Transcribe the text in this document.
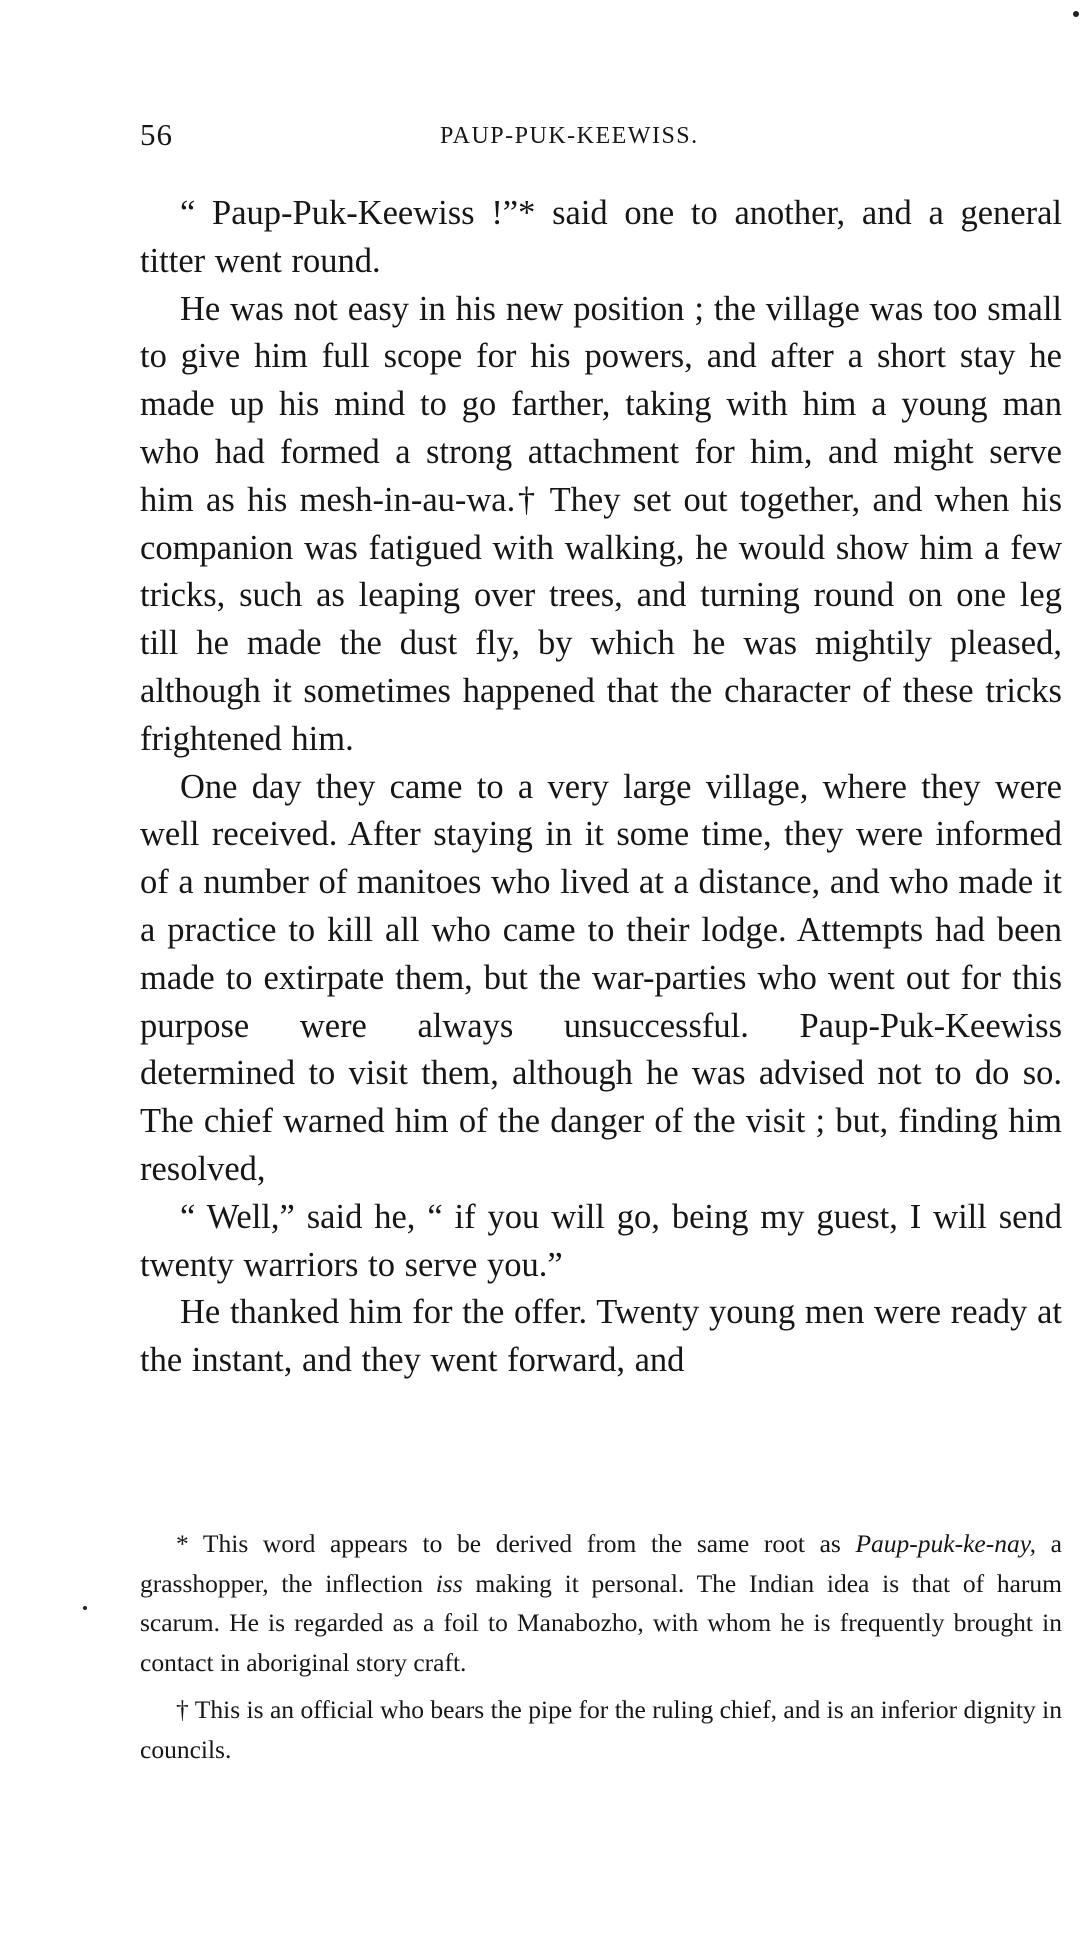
56	PAUP-PUK-KEEWISS.

“ Paup-Puk-Keewiss !”* said one to another, and a general titter went round.

He was not easy in his new position ; the village was too small to give him full scope for his powers, and after a short stay he made up his mind to go farther, taking with him a young man who had formed a strong attachment for him, and might serve him as his mesh-in-au-wa.† They set out together, and when his companion was fatigued with walking, he would show him a few tricks, such as leaping over trees, and turning round on one leg till he made the dust fly, by which he was mightily pleased, although it sometimes happened that the character of these tricks frightened him.

One day they came to a very large village, where they were well received. After staying in it some time, they were informed of a number of manitoes who lived at a distance, and who made it a practice to kill all who came to their lodge. Attempts had been made to extirpate them, but the war-parties who went out for this purpose were always unsuccessful. Paup-Puk-Keewiss determined to visit them, although he was advised not to do so. The chief warned him of the danger of the visit ; but, finding him resolved,

“ Well,” said he, “ if you will go, being my guest, I will send twenty warriors to serve you.”

He thanked him for the offer. Twenty young men were ready at the instant, and they went forward, and

* This word appears to be derived from the same root as Paup-puk-ke-nay, a grasshopper, the inflection iss making it personal. The Indian idea is that of harum scarum. He is regarded as a foil to Manabozho, with whom he is frequently brought in contact in aboriginal story craft.

† This is an official who bears the pipe for the ruling chief, and is an inferior dignity in councils.
